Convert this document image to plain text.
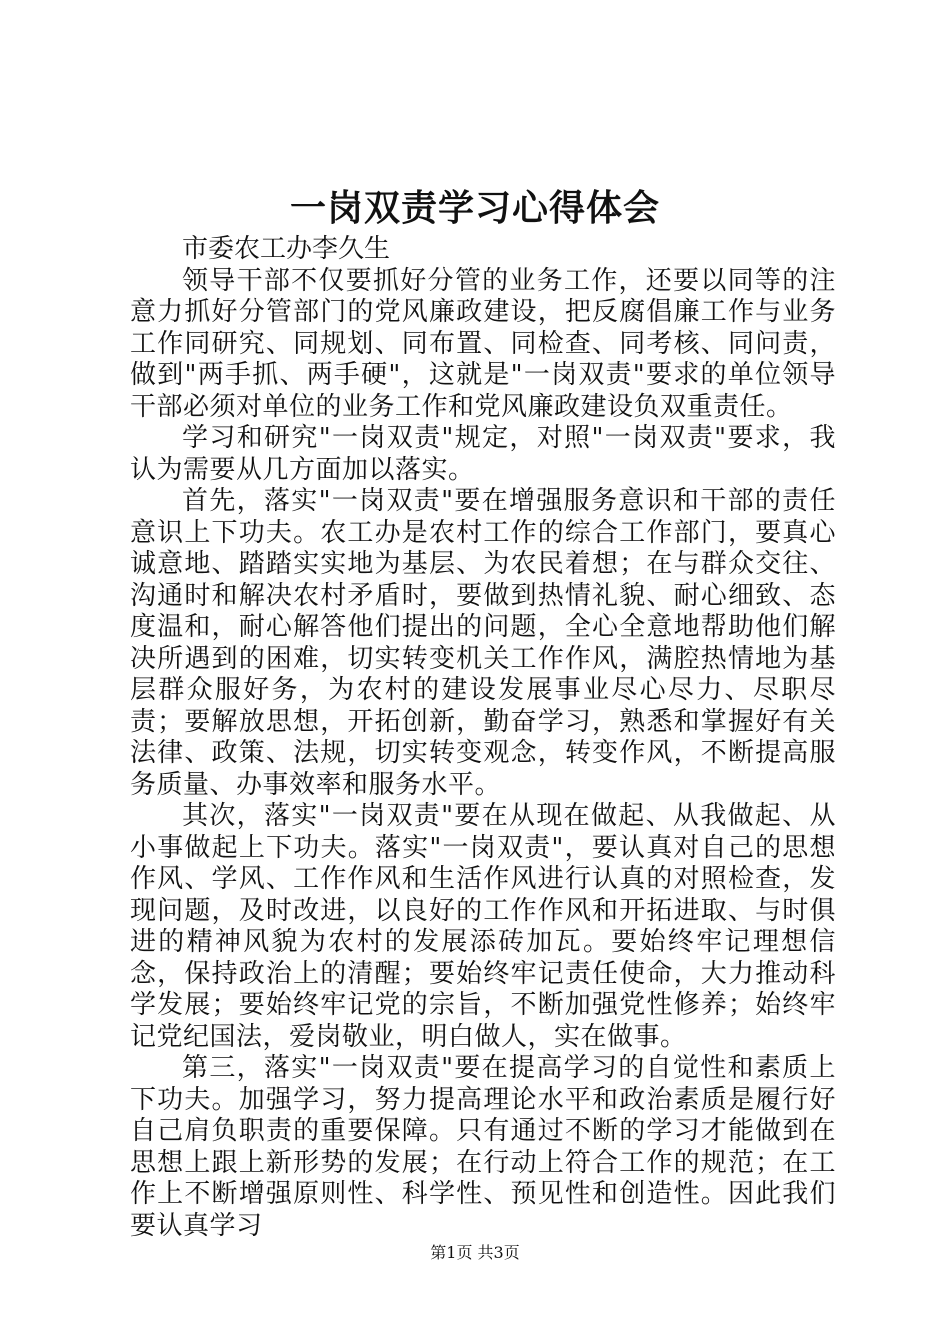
一岗双责学习心得体会

市委农工办李久生

领导干部不仅要抓好分管的业务工作，还要以同等的注意力抓好分管部门的党风廉政建设，把反腐倡廉工作与业务工作同研究、同规划、同布置、同检查、同考核、同问责，做到"两手抓、两手硬"，这就是"一岗双责"要求的单位领导干部必须对单位的业务工作和党风廉政建设负双重责任。

学习和研究"一岗双责"规定，对照"一岗双责"要求，我认为需要从几方面加以落实。

首先，落实"一岗双责"要在增强服务意识和干部的责任意识上下功夫。农工办是农村工作的综合工作部门，要真心诚意地、踏踏实实地为基层、为农民着想；在与群众交往、沟通时和解决农村矛盾时，要做到热情礼貌、耐心细致、态度温和，耐心解答他们提出的问题，全心全意地帮助他们解决所遇到的困难，切实转变机关工作作风，满腔热情地为基层群众服好务，为农村的建设发展事业尽心尽力、尽职尽责；要解放思想，开拓创新，勤奋学习，熟悉和掌握好有关法律、政策、法规，切实转变观念，转变作风，不断提高服务质量、办事效率和服务水平。

其次，落实"一岗双责"要在从现在做起、从我做起、从小事做起上下功夫。落实"一岗双责"，要认真对自己的思想作风、学风、工作作风和生活作风进行认真的对照检查，发现问题，及时改进，以良好的工作作风和开拓进取、与时俱进的精神风貌为农村的发展添砖加瓦。要始终牢记理想信念，保持政治上的清醒；要始终牢记责任使命，大力推动科学发展；要始终牢记党的宗旨，不断加强党性修养；始终牢记党纪国法，爱岗敬业，明白做人，实在做事。

第三，落实"一岗双责"要在提高学习的自觉性和素质上下功夫。加强学习，努力提高理论水平和政治素质是履行好自己肩负职责的重要保障。只有通过不断的学习才能做到在思想上跟上新形势的发展；在行动上符合工作的规范；在工作上不断增强原则性、科学性、预见性和创造性。因此我们要认真学习

第1页 共3页
